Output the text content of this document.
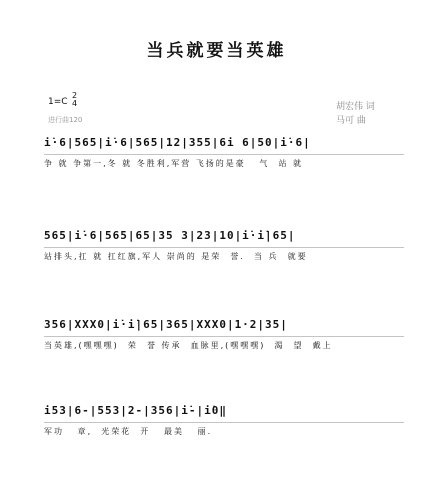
当兵就要当英雄
1=C
2
4
进行曲120
胡宏伟 词
马可 曲
i̇·6|565|i̇·6|565|12|355|6i 6|50|i̇·6|
争 就 争第一,冬 就 冬胜利,军营 飞扬的是豪   气  站 就
565|i̇·6|565|65|35 3|23|10|i̇·i̇|65|
站排头,扛 就 扛红旗,军人 崇尚的 是荣  誉.  当 兵  就要
356|XXX0|i̇·i̇|65|365|XXX0|1·2|35|
当英雄,(嘿嘿嘿)  荣  誉 传承  血脉里,(嘿嘿嘿)  渴  望  戴上
i53|6-|553|2-|356|i̇-|i̇0‖
军功   章,  光荣花  开   最美   丽.
